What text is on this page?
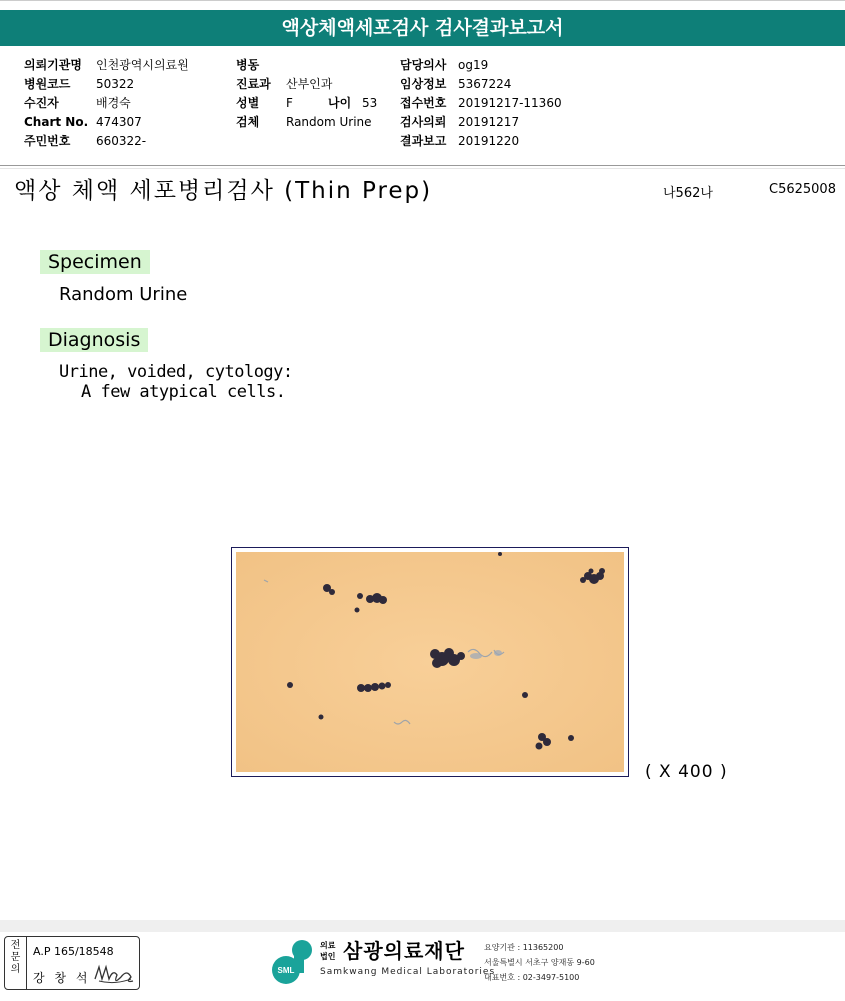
액상체액세포검사 검사결과보고서
의뢰기관명 인천광역시의료원
병원코드 50322
수진자	배경숙
Chart No. 474307
주민번호 660322-
병동
진료과 산부인과
성별 F	나이 53
검체 Random Urine
담당의사 og19
임상정보 5367224
접수번호 20191217-11360
검사의뢰 20191217
결과보고 20191220
액상 체액 세포병리검사 (Thin Prep)	나562나	C5625008
Specimen
Random Urine
Diagnosis
Urine, voided, cytology:
A few atypical cells.
( X 400 )
전
문
의
A.P 165/18548
강 창 석
SML
의료
법인 삼광의료재단
Samkwang Medical Laboratories
요양기관 : 11365200
서울특별시 서초구 양재동 9-60
대표번호 : 02-3497-5100
